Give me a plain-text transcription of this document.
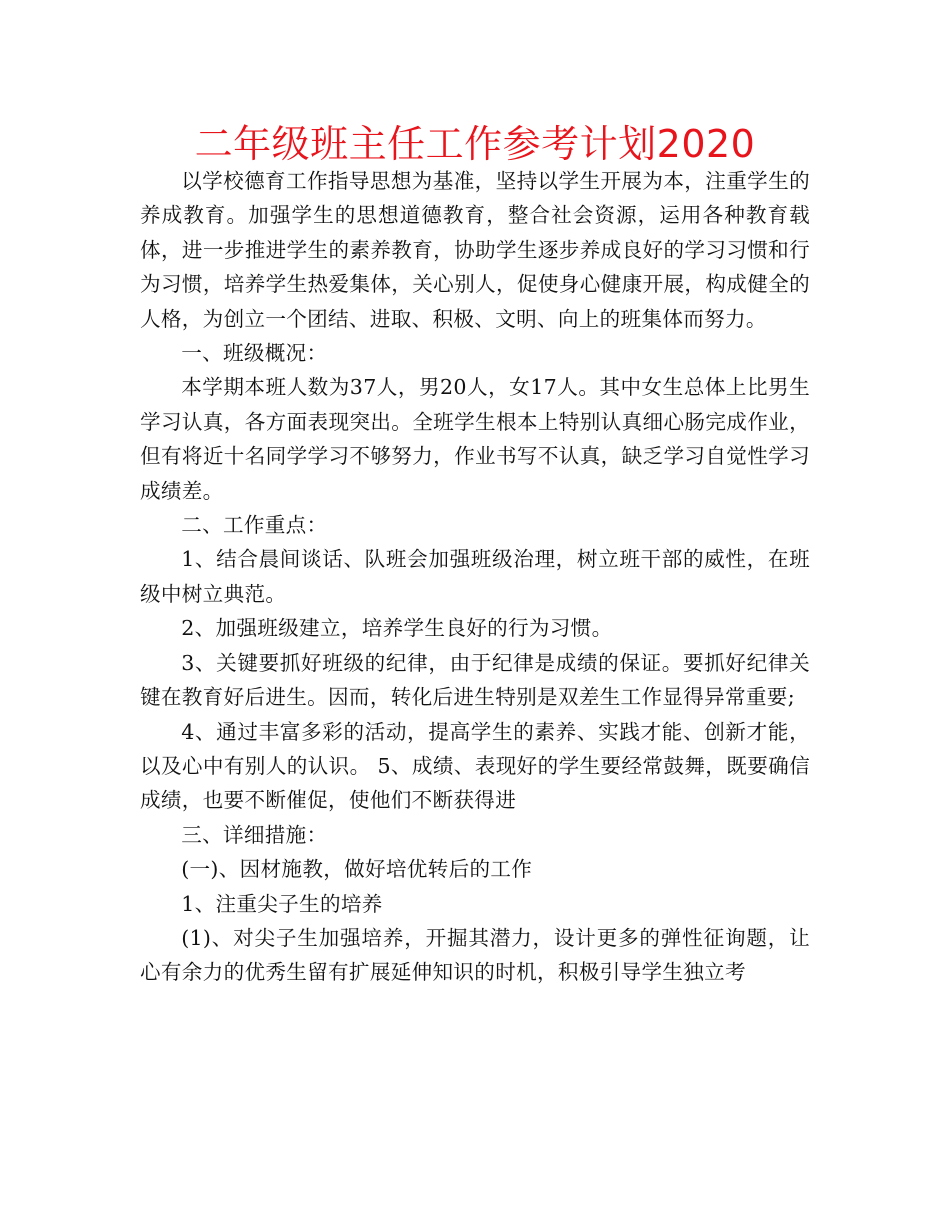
二年级班主任工作参考计划2020

以学校德育工作指导思想为基准，坚持以学生开展为本，注重学生的养成教育。加强学生的思想道德教育，整合社会资源，运用各种教育载体，进一步推进学生的素养教育，协助学生逐步养成良好的学习习惯和行为习惯，培养学生热爱集体，关心别人，促使身心健康开展，构成健全的人格，为创立一个团结、进取、积极、文明、向上的班集体而努力。

一、班级概况：

本学期本班人数为37人，男20人，女17人。其中女生总体上比男生学习认真，各方面表现突出。全班学生根本上特别认真细心肠完成作业，但有将近十名同学学习不够努力，作业书写不认真，缺乏学习自觉性学习成绩差。

二、工作重点：

1、结合晨间谈话、队班会加强班级治理，树立班干部的威性，在班级中树立典范。

2、加强班级建立，培养学生良好的行为习惯。

3、关键要抓好班级的纪律，由于纪律是成绩的保证。要抓好纪律关键在教育好后进生。因而，转化后进生特别是双差生工作显得异常重要;

4、通过丰富多彩的活动，提高学生的素养、实践才能、创新才能，以及心中有别人的认识。 5、成绩、表现好的学生要经常鼓舞，既要确信成绩，也要不断催促，使他们不断获得进

三、详细措施：

(一)、因材施教，做好培优转后的工作

1、注重尖子生的培养

(1)、对尖子生加强培养，开掘其潜力，设计更多的弹性征询题，让心有余力的优秀生留有扩展延伸知识的时机，积极引导学生独立考
